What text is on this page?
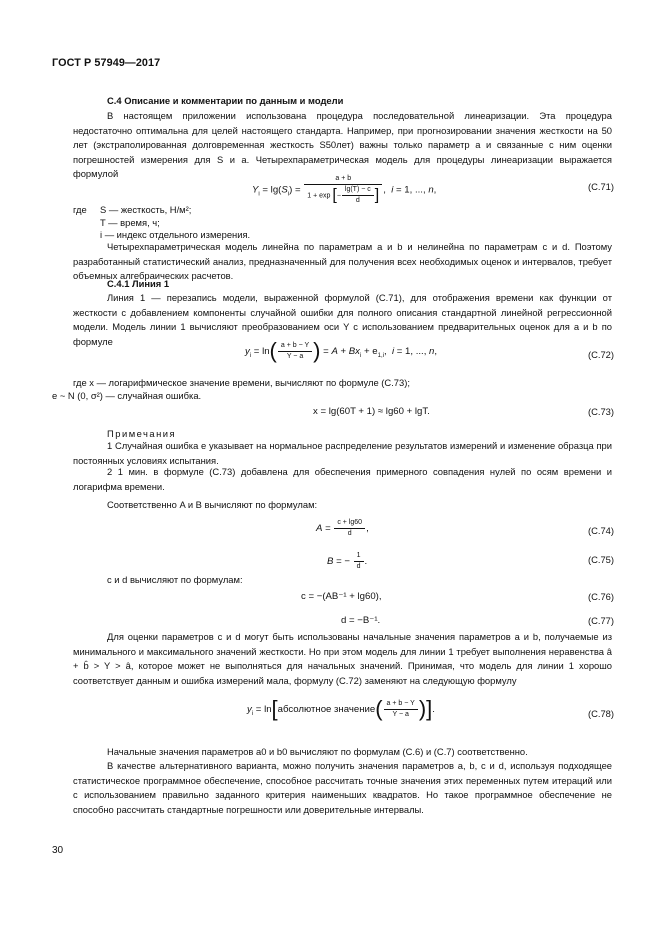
ГОСТ Р 57949—2017
С.4 Описание и комментарии по данным и модели
В настоящем приложении использована процедура последовательной линеаризации. Эта процедура недостаточно оптимальна для целей настоящего стандарта. Например, при прогнозировании значения жесткости на 50 лет (экстраполированная долговременная жесткость S50лет) важны только параметр a и связанные с ним оценки погрешностей измерения для S и a. Четырехпараметрическая модель для процедуры линеаризации выражается формулой
$Y_i = \lg(S_i) = \frac{a + b}{1 + \exp [- \frac{\lg(T) - c}{d} ]}$ ,  i = 1, ..., n,	(C.71)
где S — жесткость, Н/м²;
T — время, ч;
i — индекс отдельного измерения.
Четырехпараметрическая модель линейна по параметрам a и b и нелинейна по параметрам c и d. Поэтому разработанный статистический анализ, предназначенный для получения всех необходимых оценок и интервалов, требует объемных алгебраических расчетов.
С.4.1 Линия 1
Линия 1 — перезапись модели, выраженной формулой (С.71), для отображения времени как функции от жесткости с добавлением компоненты случайной ошибки для полного описания стандартной линейной регрессионной модели. Модель линии 1 вычисляют преобразованием оси Y с использованием предварительных оценок для a и b по формуле
$y_i = \ln( \frac{a + b - Y}{Y - a}$ ) = $A + Bx_i + e_{1,i}$,  i = 1, ..., n,	(C.72)
где x — логарифмическое значение времени, вычисляют по формуле (С.73);
e ~ N (0, σ²) — случайная ошибка.
x = lg(60T + 1) ≈ lg60 + lgT.	(C.73)
Примечания
1 Случайная ошибка e указывает на нормальное распределение результатов измерений и изменение образца при постоянных условиях испытания.
2 1 мин. в формуле (С.73) добавлена для обеспечения примерного совпадения нулей по осям времени и логарифма времени.
Соответственно A и B вычисляют по формулам:
$A = \frac{c + \lg 60}{d}$ ,	(C.74)
B = − $\frac{1}{d}$ .	(C.75)
c и d вычисляют по формулам:
c = −(AB⁻¹ + lg60),	(C.76)
d = −B⁻¹.	(C.77)
Для оценки параметров c и d могут быть использованы начальные значения параметров a и b, получаемые из минимального и максимального значений жесткости. Но при этом модель для линии 1 требует выполнения неравенства â + b̂ > Y > â, которое может не выполняться для начальных значений. Принимая, что модель для линии 1 хорошо соответствует данным и ошибка измерений мала, формулу (С.72) заменяют на следующую формулу
$y_i$ = ln[абсолютное значение( $\frac{a + b - Y}{Y - a}$ )].	(C.78)
Начальные значения параметров a0 и b0 вычисляют по формулам (С.6) и (С.7) соответственно.
В качестве альтернативного варианта, можно получить значения параметров a, b, c и d, используя подходящее статистическое программное обеспечение, способное рассчитать точные значения этих переменных путем итераций или с использованием правильно заданного критерия наименьших квадратов. Но такое программное обеспечение не способно рассчитать стандартные погрешности или доверительные интервалы.
30
